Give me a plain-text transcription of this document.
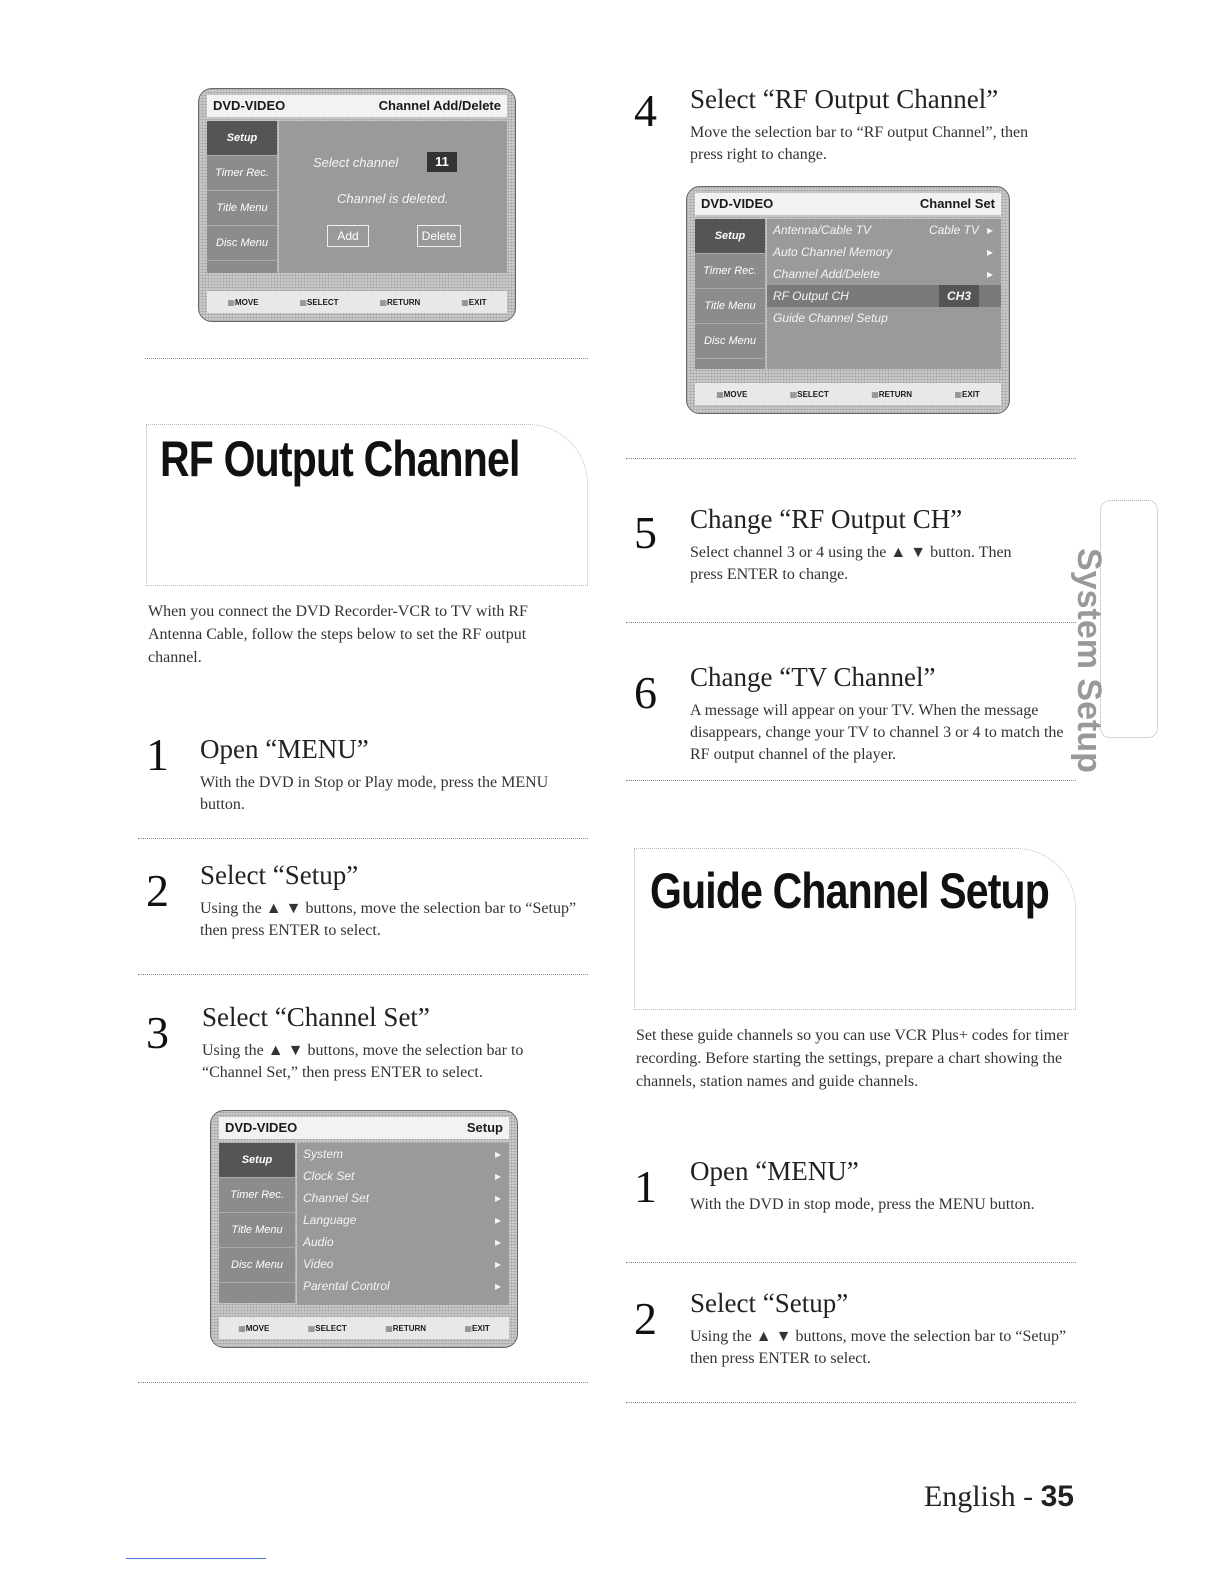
DVD-VIDEO	Channel Add/Delete
Setup
Timer Rec.
Title Menu
Disc Menu
Select channel	11
Channel is deleted.
Add	Delete
▦ MOVE	▦ SELECT	▦ RETURN	▦ EXIT
RF Output Channel
When you connect the DVD Recorder-VCR to TV with RF Antenna Cable, follow the steps below to set the RF output channel.
1 Open “MENU”
With the DVD in Stop or Play mode, press the MENU button.
2 Select “Setup”
Using the ▲ ▼ buttons, move the selection bar to “Setup” then press ENTER to select.
3 Select “Channel Set”
Using the ▲ ▼ buttons, move the selection bar to “Channel Set,” then press ENTER to select.
DVD-VIDEO	Setup
Setup
Timer Rec.
Title Menu
Disc Menu
System	▸
Clock Set	▸
Channel Set	▸
Language	▸
Audio	▸
Video	▸
Parental Control	▸
▦ MOVE	▦ SELECT	▦ RETURN	▦ EXIT
4 Select “RF Output Channel”
Move the selection bar to “RF output Channel”, then press right to change.
DVD-VIDEO	Channel Set
Setup
Timer Rec.
Title Menu
Disc Menu
Antenna/Cable TV	Cable TV ▸
Auto Channel Memory	▸
Channel Add/Delete	▸
RF Output CH	CH3
Guide Channel Setup
▦ MOVE	▦ SELECT	▦ RETURN	▦ EXIT
5 Change “RF Output CH”
Select channel 3 or 4 using the ▲ ▼ button. Then press ENTER to change.
6 Change “TV Channel”
A message will appear on your TV. When the message disappears, change your TV to channel 3 or 4 to match the RF output channel of the player.
Guide Channel Setup
Set these guide channels so you can use VCR Plus+ codes for timer recording. Before starting the settings, prepare a chart showing the channels, station names and guide channels.
1 Open “MENU”
With the DVD in stop mode, press the MENU button.
2 Select “Setup”
Using the ▲ ▼ buttons, move the selection bar to “Setup” then press ENTER to select.
System Setup
English - 35
